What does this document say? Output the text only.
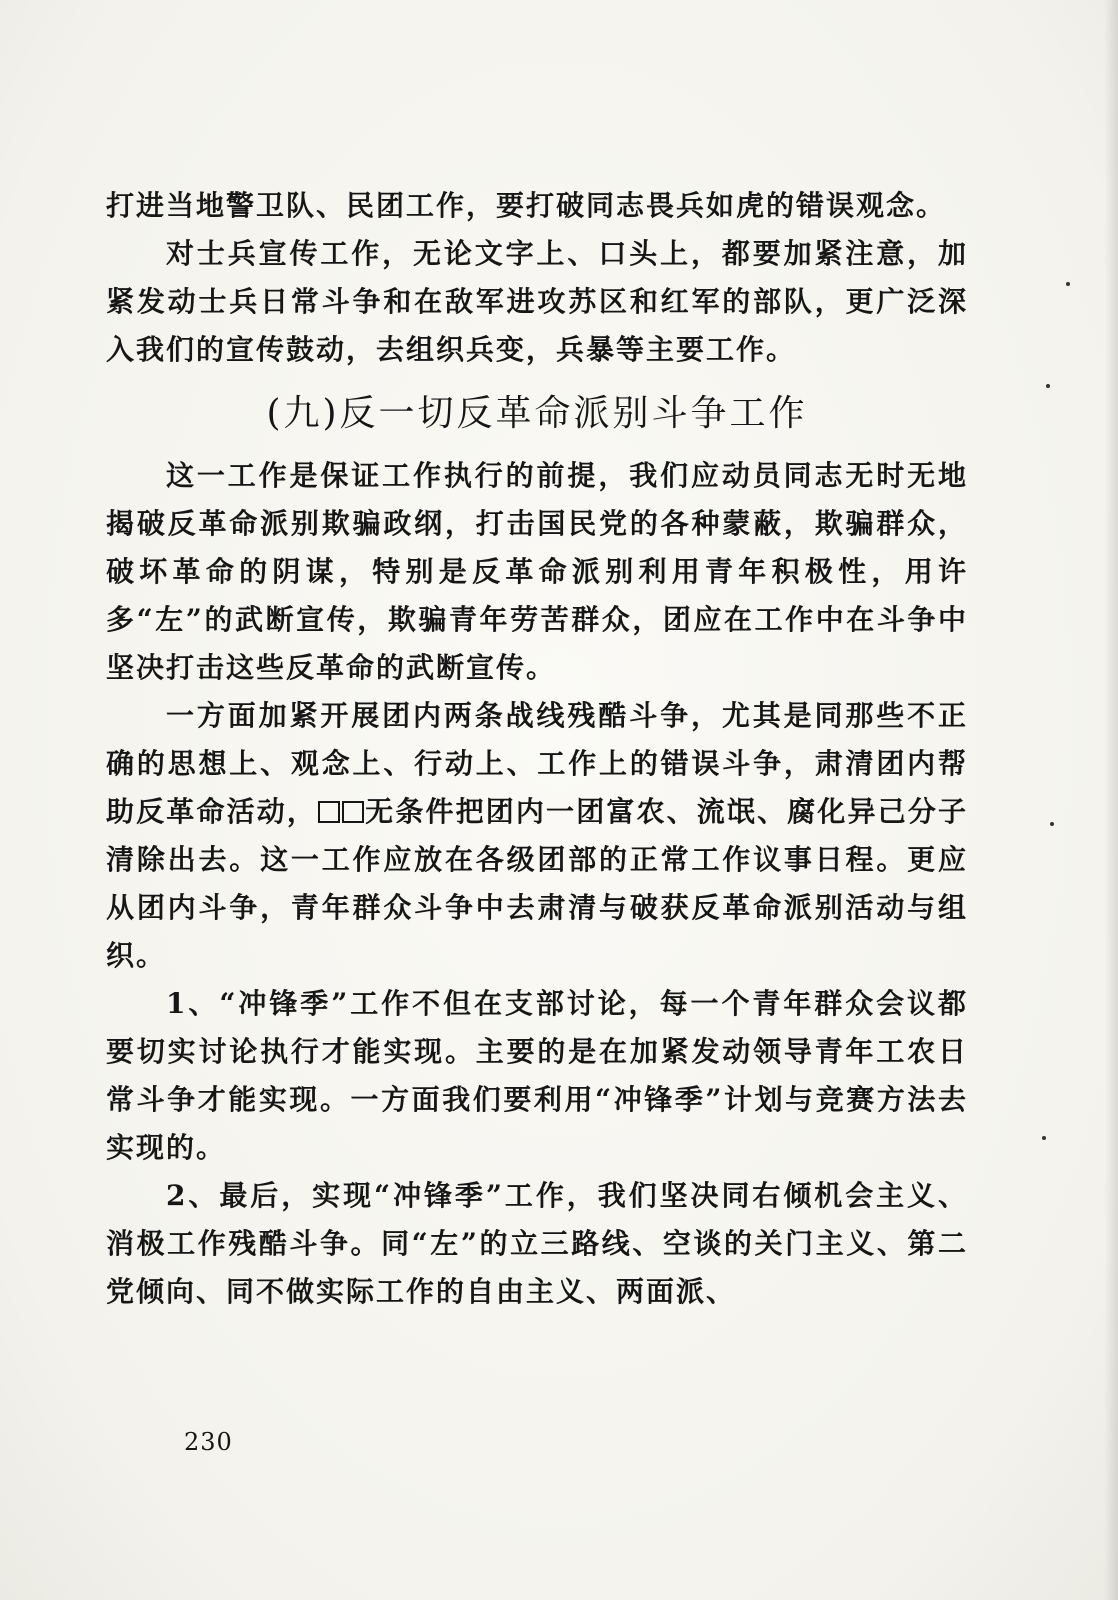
打进当地警卫队、民团工作，要打破同志畏兵如虎的错误观念。

对士兵宣传工作，无论文字上、口头上，都要加紧注意，加紧发动士兵日常斗争和在敌军进攻苏区和红军的部队，更广泛深入我们的宣传鼓动，去组织兵变，兵暴等主要工作。

(九)反一切反革命派别斗争工作

这一工作是保证工作执行的前提，我们应动员同志无时无地揭破反革命派别欺骗政纲，打击国民党的各种蒙蔽，欺骗群众，破坏革命的阴谋，特别是反革命派别利用青年积极性，用许多“左”的武断宣传，欺骗青年劳苦群众，团应在工作中在斗争中坚决打击这些反革命的武断宣传。

一方面加紧开展团内两条战线残酷斗争，尤其是同那些不正确的思想上、观念上、行动上、工作上的错误斗争，肃清团内帮助反革命活动， 无条件把团内一团富农、流氓、腐化异己分子清除出去。这一工作应放在各级团部的正常工作议事日程。更应从团内斗争，青年群众斗争中去肃清与破获反革命派别活动与组织。

1、“冲锋季”工作不但在支部讨论，每一个青年群众会议都要切实讨论执行才能实现。主要的是在加紧发动领导青年工农日常斗争才能实现。一方面我们要利用“冲锋季”计划与竞赛方法去实现的。

2、最后，实现“冲锋季”工作，我们坚决同右倾机会主义、消极工作残酷斗争。同“左”的立三路线、空谈的关门主义、第二党倾向、同不做实际工作的自由主义、两面派、

230
